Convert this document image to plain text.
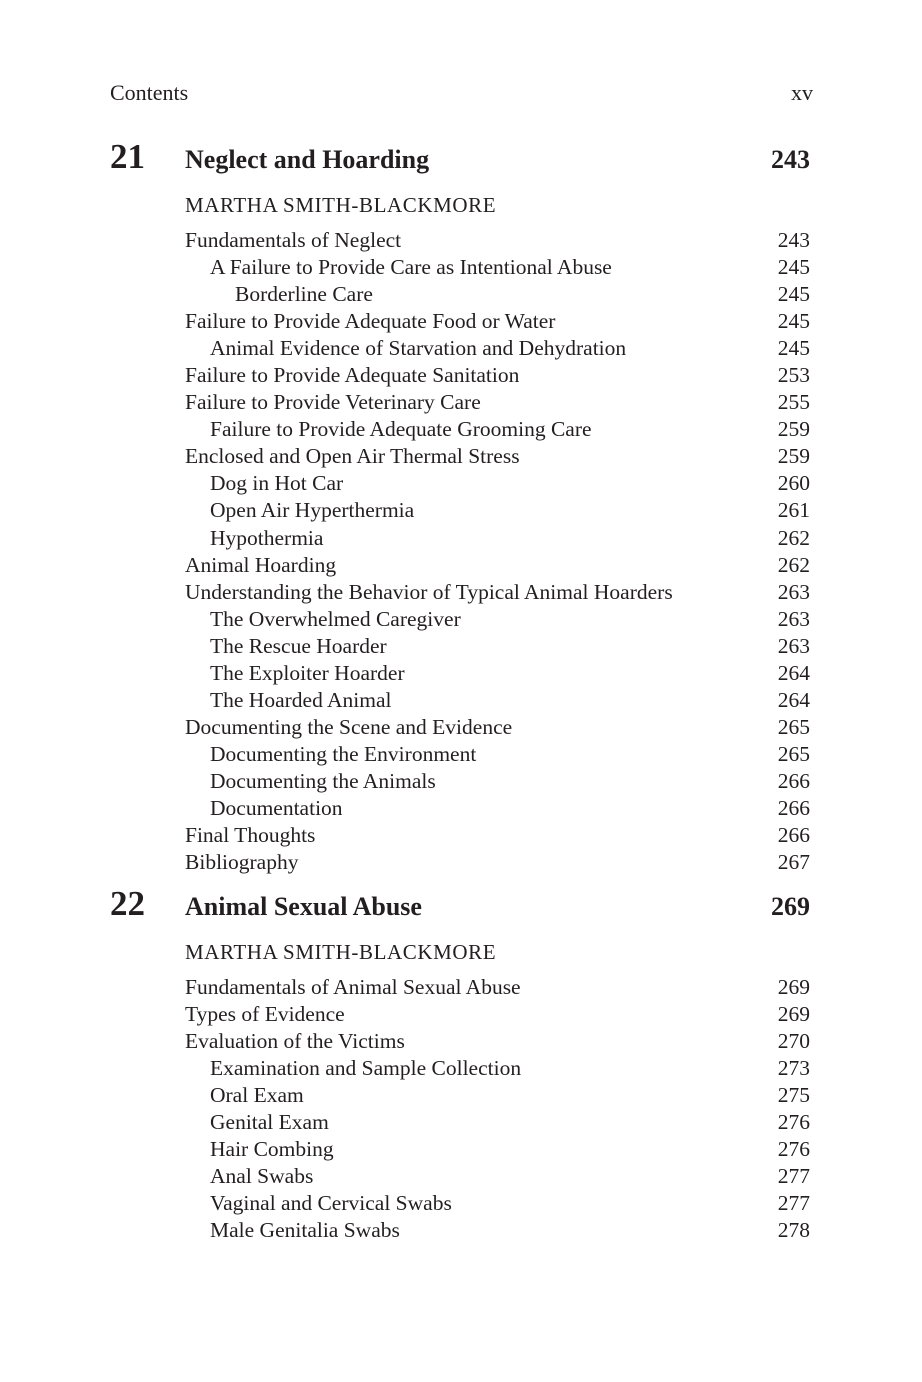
Contents	xv
21 Neglect and Hoarding	243
MARTHA SMITH-BLACKMORE
Fundamentals of Neglect	243
A Failure to Provide Care as Intentional Abuse	245
Borderline Care	245
Failure to Provide Adequate Food or Water	245
Animal Evidence of Starvation and Dehydration	245
Failure to Provide Adequate Sanitation	253
Failure to Provide Veterinary Care	255
Failure to Provide Adequate Grooming Care	259
Enclosed and Open Air Thermal Stress	259
Dog in Hot Car	260
Open Air Hyperthermia	261
Hypothermia	262
Animal Hoarding	262
Understanding the Behavior of Typical Animal Hoarders	263
The Overwhelmed Caregiver	263
The Rescue Hoarder	263
The Exploiter Hoarder	264
The Hoarded Animal	264
Documenting the Scene and Evidence	265
Documenting the Environment	265
Documenting the Animals	266
Documentation	266
Final Thoughts	266
Bibliography	267
22 Animal Sexual Abuse	269
MARTHA SMITH-BLACKMORE
Fundamentals of Animal Sexual Abuse	269
Types of Evidence	269
Evaluation of the Victims	270
Examination and Sample Collection	273
Oral Exam	275
Genital Exam	276
Hair Combing	276
Anal Swabs	277
Vaginal and Cervical Swabs	277
Male Genitalia Swabs	278
